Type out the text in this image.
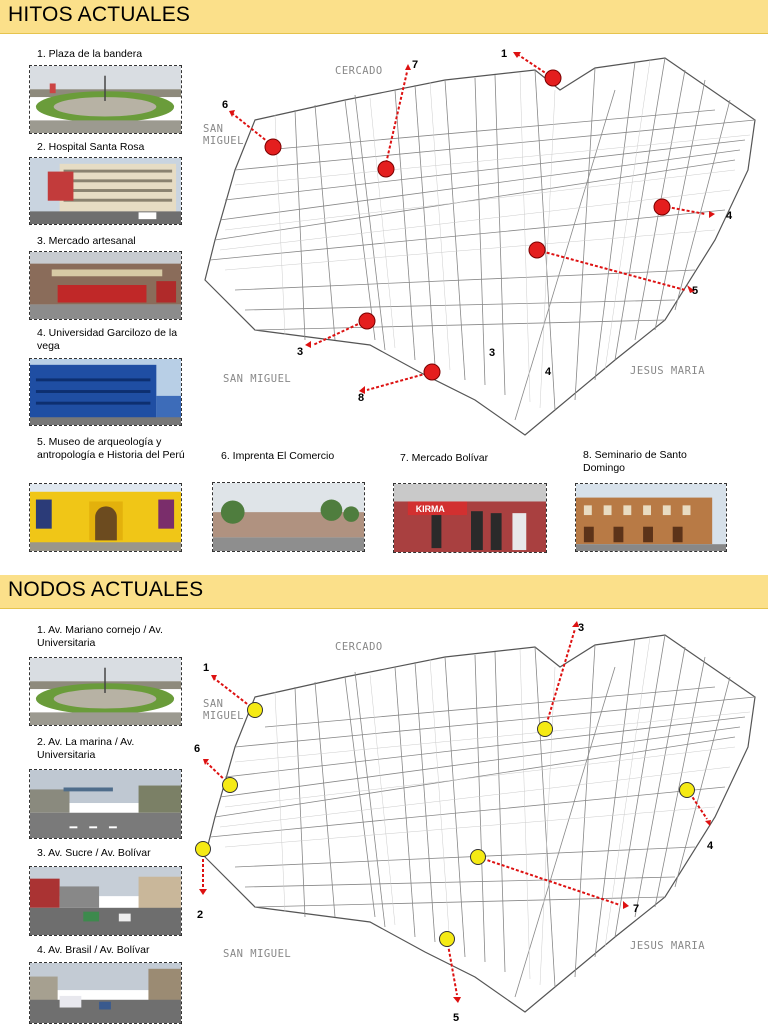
HITOS ACTUALES
1. Plaza de la bandera
2. Hospital Santa Rosa
3. Mercado artesanal
4. Universidad Garcilozo de la vega
5. Museo de arqueología y antropología e Historia del Perú	6. Imprenta El Comercio	7. Mercado Bolívar	8. Seminario de Santo Domingo
KIRMA
CERCADO
SAN MIGUEL
SAN MIGUEL
JESUS MARIA
1
4
5
6
7
3
8
3
4
NODOS ACTUALES
1. Av. Mariano cornejo / Av. Universitaria
2. Av. La marina / Av. Universitaria
3. Av. Sucre / Av. Bolívar
4. Av. Brasil / Av. Bolívar
CERCADO
SAN MIGUEL
SAN MIGUEL
JESUS MARIA
1
2
3
4
5
6
7
